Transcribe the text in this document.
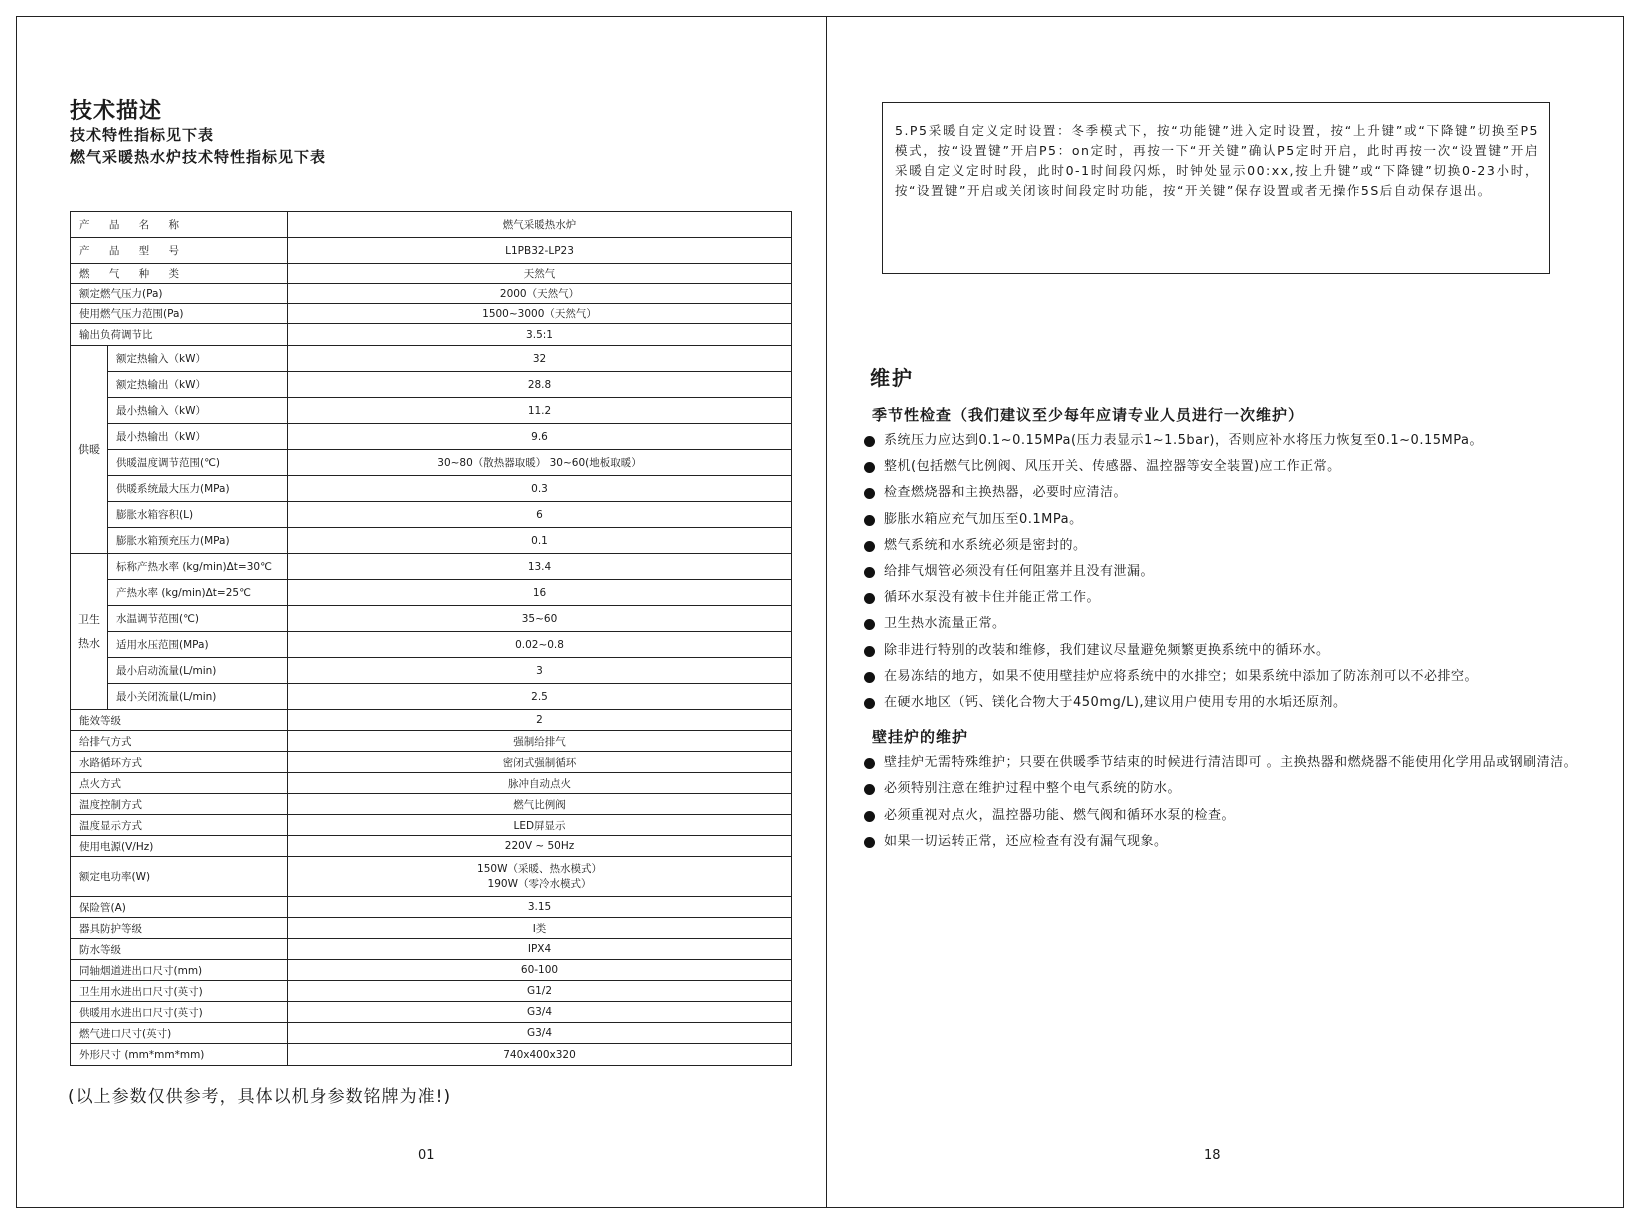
技术描述
技术特性指标见下表
燃气采暖热水炉技术特性指标见下表
产 品 名 称		燃气采暖热水炉
产 品 型 号		L1PB32-LP23
燃 气 种 类		天然气
额定燃气压力(Pa)		2000（天然气）
使用燃气压力范围(Pa)		1500~3000（天然气）
输出负荷调节比		3.5:1
供暖	额定热输入（kW）	32
	额定热输出（kW）	28.8
	最小热输入（kW）	11.2
	最小热输出（kW）	9.6
	供暖温度调节范围(℃)	30~80（散热器取暖） 30~60(地板取暖）
	供暖系统最大压力(MPa)	0.3
	膨胀水箱容积(L)	6
	膨胀水箱预充压力(MPa)	0.1
卫生
热水	标称产热水率 (kg/min)Δt=30℃	13.4
	产热水率 (kg/min)Δt=25℃	16
	水温调节范围(℃)	35~60
	适用水压范围(MPa)	0.02~0.8
	最小启动流量(L/min)	3
	最小关闭流量(L/min)	2.5
能效等级		2
给排气方式		强制给排气
水路循环方式		密闭式强制循环
点火方式		脉冲自动点火
温度控制方式		燃气比例阀
温度显示方式		LED屏显示
使用电源(V/Hz)		220V ~ 50Hz
额定电功率(W)		150W（采暖、热水模式）
190W（零冷水模式）
保险管(A)		3.15
器具防护等级		Ⅰ类
防水等级		IPX4
同轴烟道进出口尺寸(mm)		60-100
卫生用水进出口尺寸(英寸)		G1/2
供暖用水进出口尺寸(英寸)		G3/4
燃气进口尺寸(英寸)		G3/4
外形尺寸 (mm*mm*mm)		740x400x320
(以上参数仅供参考，具体以机身参数铭牌为准!)
01

5.P5采暖自定义定时设置：冬季模式下，按“功能键”进入定时设置，按“上升键”或“下降键”切换至P5模式，按“设置键”开启P5：on定时，再按一下“开关键”确认P5定时开启，此时再按一次“设置键”开启采暖自定义定时时段，此时0-1时间段闪烁，时钟处显示00:xx,按上升键”或“下降键”切换0-23小时，按“设置键”开启或关闭该时间段定时功能，按“开关键”保存设置或者无操作5S后自动保存退出。

维护
季节性检查（我们建议至少每年应请专业人员进行一次维护）
系统压力应达到0.1~0.15MPa(压力表显示1~1.5bar)，否则应补水将压力恢复至0.1~0.15MPa。
整机(包括燃气比例阀、风压开关、传感器、温控器等安全装置)应工作正常。
检查燃烧器和主换热器，必要时应清洁。
膨胀水箱应充气加压至0.1MPa。
燃气系统和水系统必须是密封的。
给排气烟管必须没有任何阻塞并且没有泄漏。
循环水泵没有被卡住并能正常工作。
卫生热水流量正常。
除非进行特别的改装和维修，我们建议尽量避免频繁更换系统中的循环水。
在易冻结的地方，如果不使用壁挂炉应将系统中的水排空；如果系统中添加了防冻剂可以不必排空。
在硬水地区（钙、镁化合物大于450mg/L),建议用户使用专用的水垢还原剂。
壁挂炉的维护
壁挂炉无需特殊维护；只要在供暖季节结束的时候进行清洁即可 。主换热器和燃烧器不能使用化学用品或钢刷清洁。
必须特别注意在维护过程中整个电气系统的防水。
必须重视对点火，温控器功能、燃气阀和循环水泵的检查。
如果一切运转正常，还应检查有没有漏气现象。
18
